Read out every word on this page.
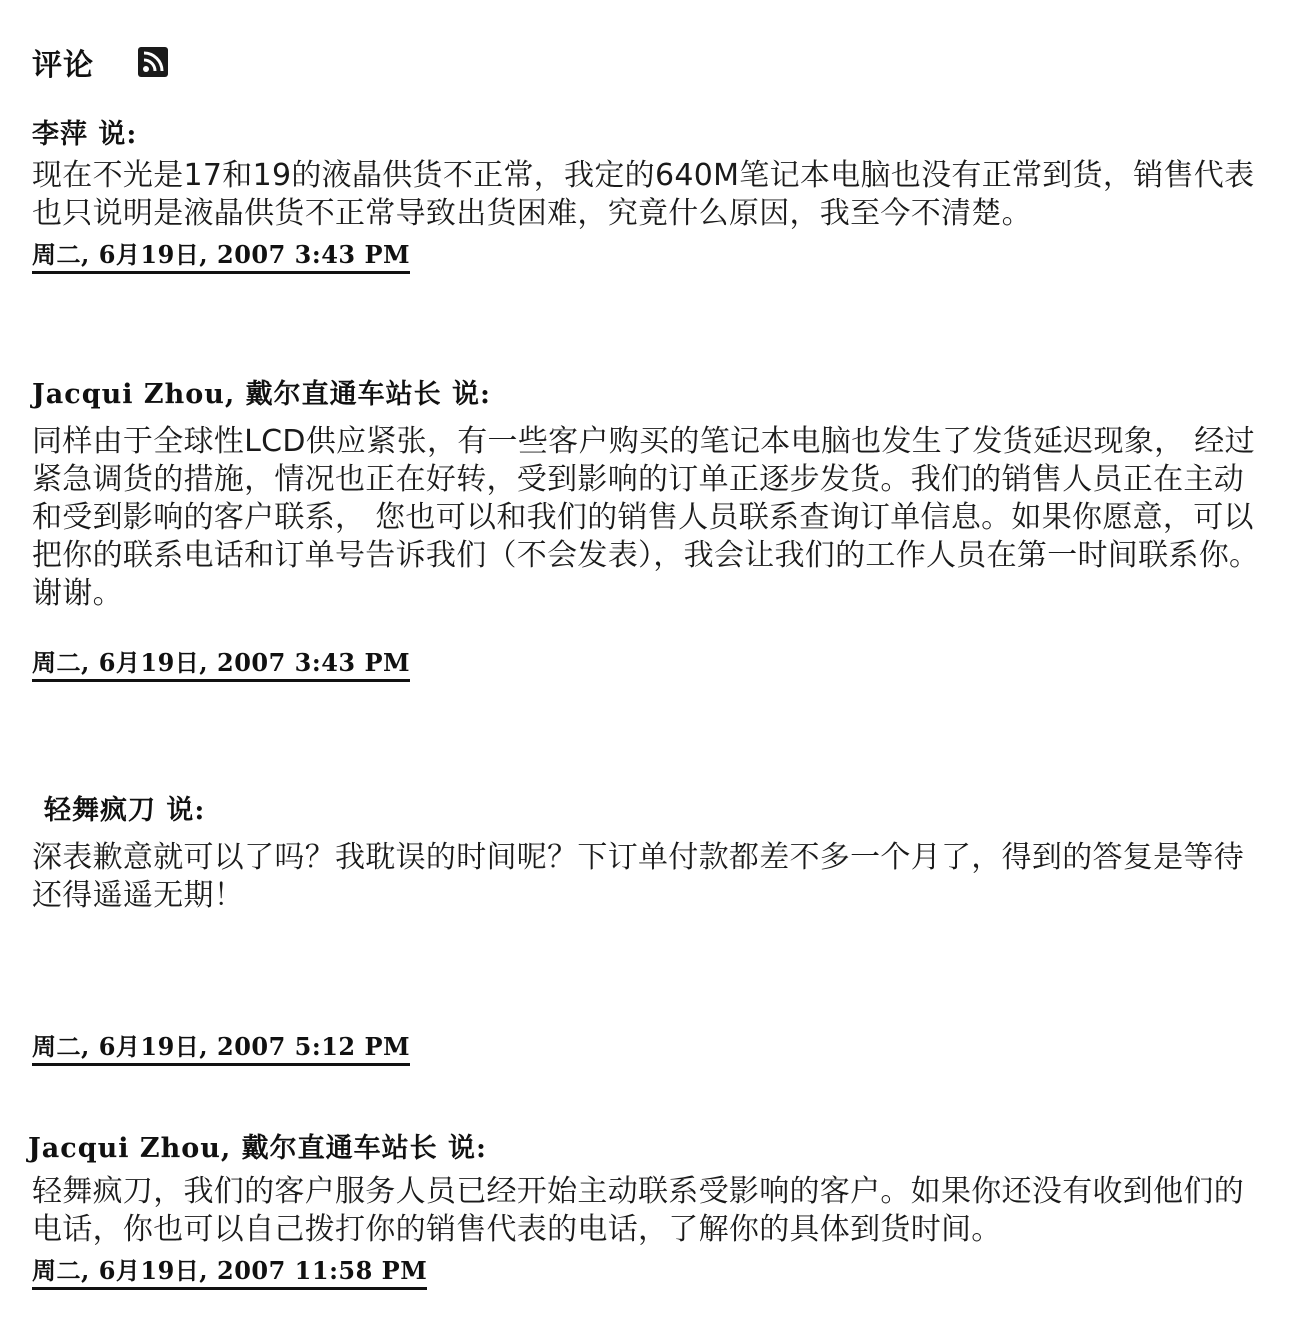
评论
李萍 说:
现在不光是17和19的液晶供货不正常，我定的640M笔记本电脑也没有正常到货，销售代表也只说明是液晶供货不正常导致出货困难，究竟什么原因，我至今不清楚。
周二, 6月19日, 2007 3:43 PM
Jacqui Zhou, 戴尔直通车站长 说:
同样由于全球性LCD供应紧张，有一些客户购买的笔记本电脑也发生了发货延迟现象， 经过紧急调货的措施，情况也正在好转，受到影响的订单正逐步发货。我们的销售人员正在主动和受到影响的客户联系， 您也可以和我们的销售人员联系查询订单信息。如果你愿意，可以把你的联系电话和订单号告诉我们（不会发表），我会让我们的工作人员在第一时间联系你。谢谢。
周二, 6月19日, 2007 3:43 PM
轻舞疯刀 说:
深表歉意就可以了吗？我耽误的时间呢？下订单付款都差不多一个月了，得到的答复是等待还得遥遥无期！
周二, 6月19日, 2007 5:12 PM
Jacqui Zhou, 戴尔直通车站长 说:
轻舞疯刀，我们的客户服务人员已经开始主动联系受影响的客户。如果你还没有收到他们的电话，你也可以自己拨打你的销售代表的电话，了解你的具体到货时间。
周二, 6月19日, 2007 11:58 PM
